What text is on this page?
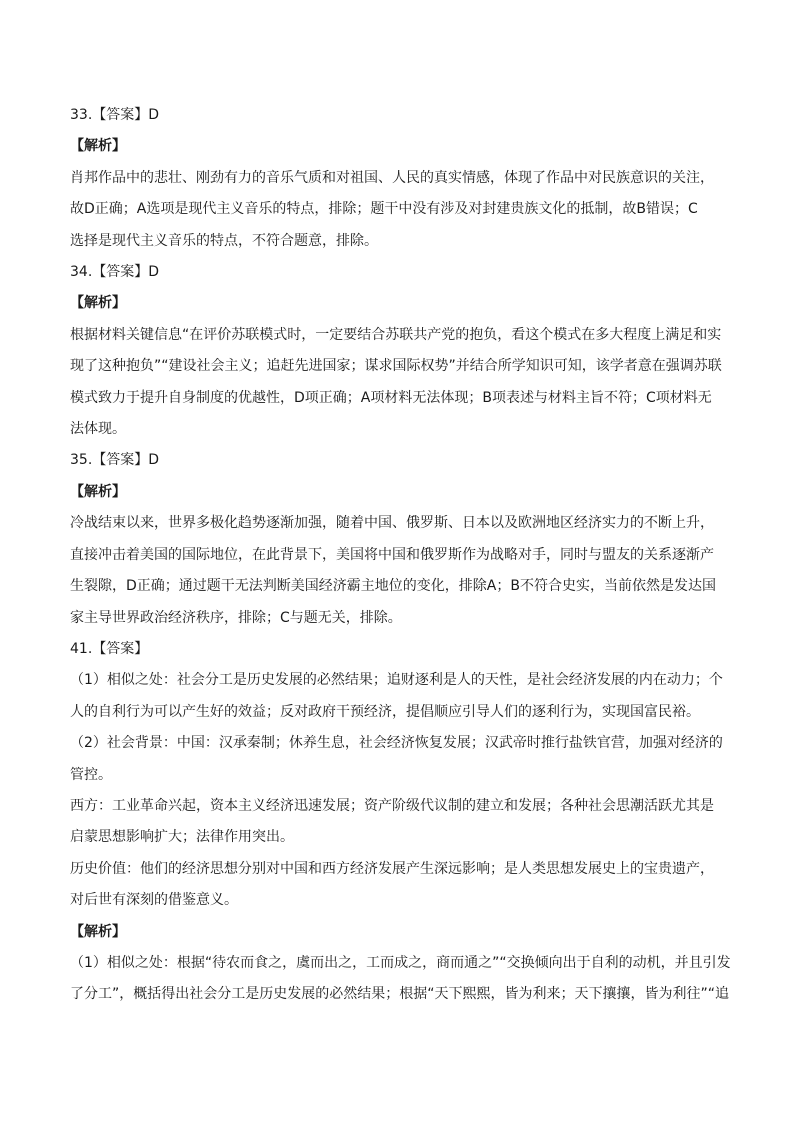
33.【答案】D
【解析】
肖邦作品中的悲壮、刚劲有力的音乐气质和对祖国、人民的真实情感，体现了作品中对民族意识的关注，
故D正确；A选项是现代主义音乐的特点，排除；题干中没有涉及对封建贵族文化的抵制，故B错误；C
选择是现代主义音乐的特点，不符合题意，排除。
34.【答案】D
【解析】
根据材料关键信息“在评价苏联模式时，一定要结合苏联共产党的抱负，看这个模式在多大程度上满足和实
现了这种抱负”“建设社会主义；追赶先进国家；谋求国际权势”并结合所学知识可知，该学者意在强调苏联
模式致力于提升自身制度的优越性，D项正确；A项材料无法体现；B项表述与材料主旨不符；C项材料无
法体现。
35.【答案】D
【解析】
冷战结束以来，世界多极化趋势逐渐加强，随着中国、俄罗斯、日本以及欧洲地区经济实力的不断上升，
直接冲击着美国的国际地位，在此背景下，美国将中国和俄罗斯作为战略对手，同时与盟友的关系逐渐产
生裂隙，D正确；通过题干无法判断美国经济霸主地位的变化，排除A；B不符合史实，当前依然是发达国
家主导世界政治经济秩序，排除；C与题无关，排除。
41.【答案】
（1）相似之处：社会分工是历史发展的必然结果；追财逐利是人的天性，是社会经济发展的内在动力；个
人的自利行为可以产生好的效益；反对政府干预经济，提倡顺应引导人们的逐利行为，实现国富民裕。
（2）社会背景：中国：汉承秦制；休养生息，社会经济恢复发展；汉武帝时推行盐铁官营，加强对经济的
管控。
西方：工业革命兴起，资本主义经济迅速发展；资产阶级代议制的建立和发展；各种社会思潮活跃尤其是
启蒙思想影响扩大；法律作用突出。
历史价值：他们的经济思想分别对中国和西方经济发展产生深远影响；是人类思想发展史上的宝贵遗产，
对后世有深刻的借鉴意义。
【解析】
（1）相似之处：根据“待农而食之，虞而出之，工而成之，商而通之”“交换倾向出于自利的动机，并且引发
了分工”，概括得出社会分工是历史发展的必然结果；根据“天下熙熙，皆为利来；天下攘攘，皆为利往”“追
